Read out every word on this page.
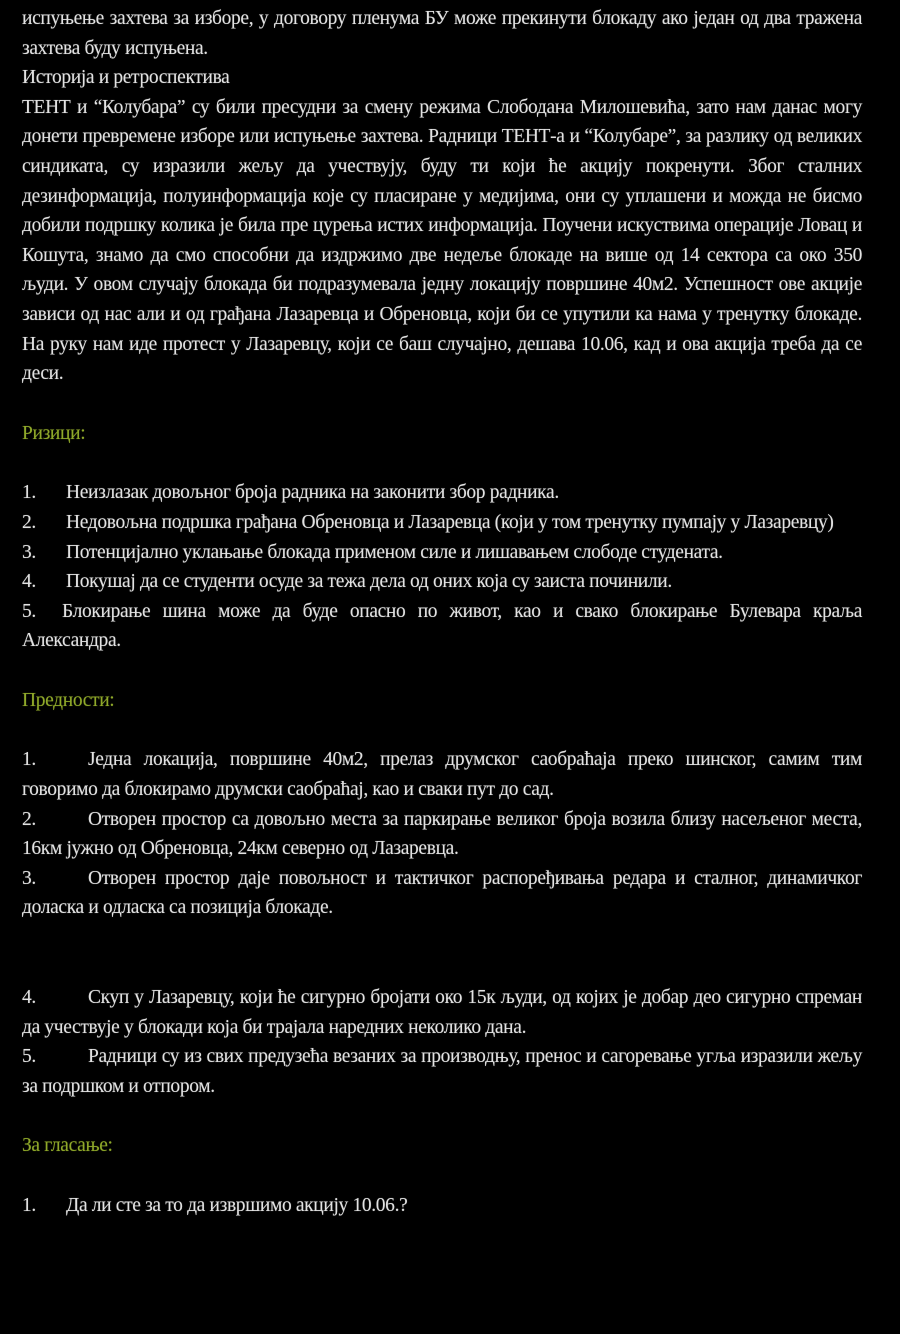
испуњење захтева за изборе, у договору пленума БУ може прекинути блокаду ако један од два тражена захтева буду испуњена.

Историја и ретроспектива

ТЕНТ и “Колубара” су били пресудни за смену режима Слободана Милошевића, зато нам данас могу донети превремене изборе или испуњење захтева. Радници ТЕНТ-а и “Колубаре”, за разлику од великих синдиката, су изразили жељу да учествују, буду ти који ће акцију покренути. Због сталних дезинформација, полуинформација које су пласиране у медијима, они су уплашени и можда не бисмо добили подршку колика је била пре цурења истих информација. Поучени искуствима операције Ловац и Кошута, знамо да смо способни да издржимо две недеље блокаде на више од 14 сектора са око 350 људи. У овом случају блокада би подразумевала једну локацију површине 40м2. Успешност ове акције зависи од нас али и од грађана Лазаревца и Обреновца, који би се упутили ка нама у тренутку блокаде. На руку нам иде протест у Лазаревцу, који се баш случајно, дешава 10.06, кад и ова акција треба да се деси.

Ризици:

1. Неизлазак довољног броја радника на законити збор радника.

2. Недовољна подршка грађана Обреновца и Лазаревца (који у том тренутку пумпају у Лазаревцу)

3. Потенцијално уклањање блокада применом силе и лишавањем слободе студената.

4. Покушај да се студенти осуде за тежа дела од оних која су заиста починили.

5. Блокирање шина може да буде опасно по живот, као и свако блокирање Булевара краља Александра.

Предности:

1.	Једна локација, површине 40м2, прелаз друмског саобраћаја преко шинског, самим тим говоримо да блокирамо друмски саобраћај, као и сваки пут до сад.

2.	Отворен простор са довољно места за паркирање великог броја возила близу насељеног места, 16км јужно од Обреновца, 24км северно од Лазаревца.

3.	Отворен простор даје повољност и тактичког распоређивања редара и сталног, динамичког доласка и одласка са позиција блокаде.

4.	Скуп у Лазаревцу, који ће сигурно бројати око 15к људи, од којих је добар део сигурно спреман да учествује у блокади која би трајала наредних неколико дана.

5.	Радници су из свих предузећа везаних за производњу, пренос и сагоревање угља изразили жељу за подршком и отпором.

За гласање:

1. Да ли сте за то да извршимо акцију 10.06.?
